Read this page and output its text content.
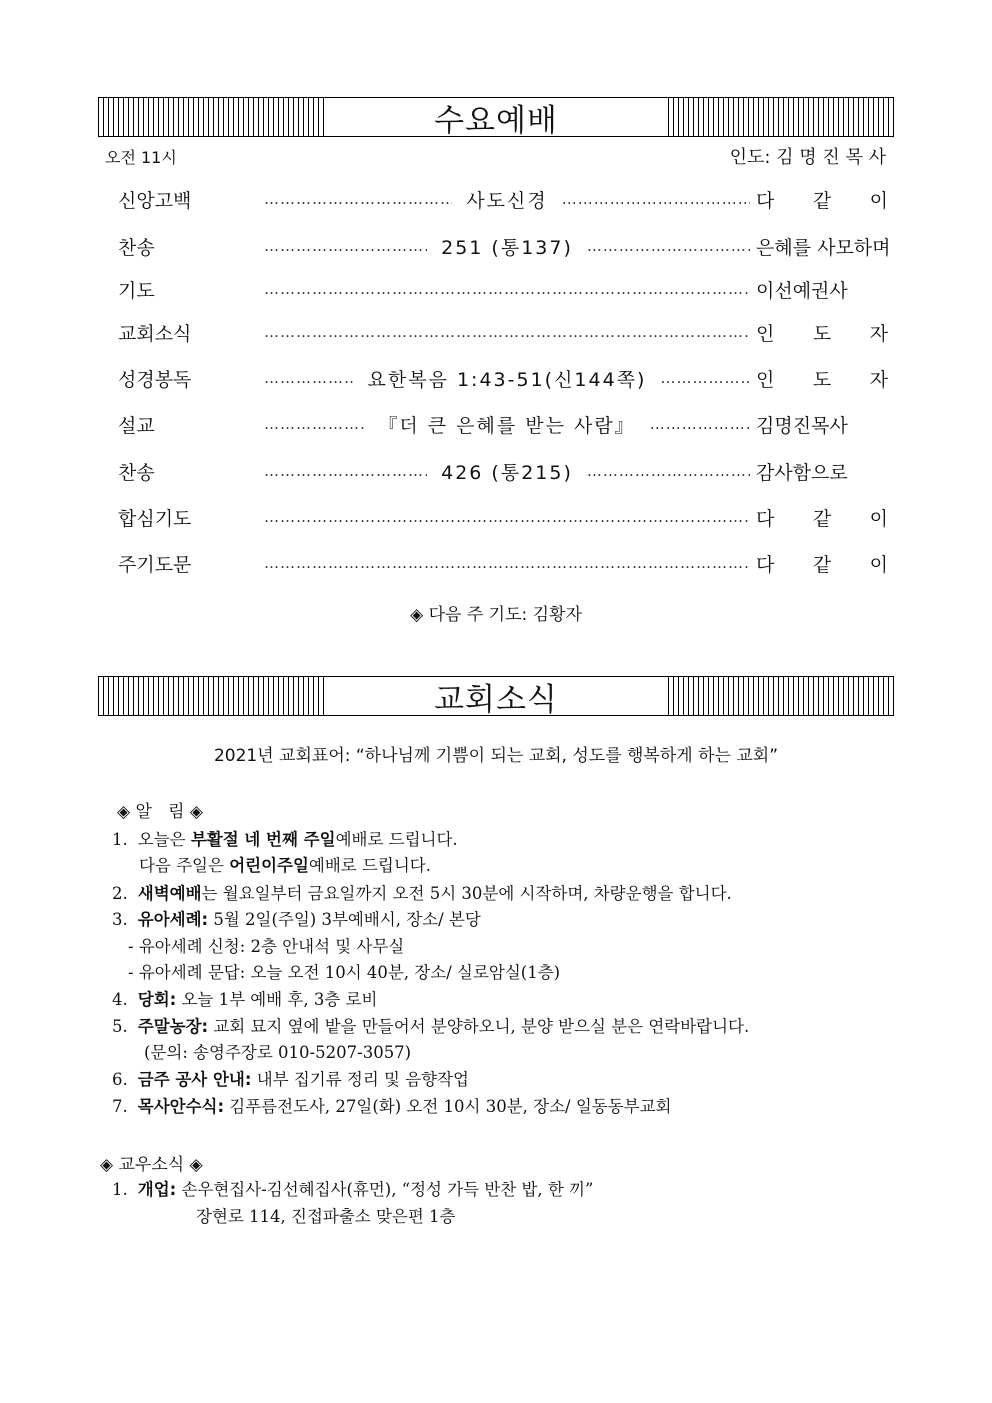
수요예배
오전 11시	인도: 김 명 진 목 사
신앙고백 …………………………………………………………………………………………………………………………………	사도신경 …………………………………………………………………………………………………………………………………	다 같 이
찬송 …………………………………………………………………………………………………………………………………	251 (통137) …………………………………………………………………………………………………………………………………	은혜를 사모하며
기도 …………………………………………………………………………………………………………………………………	이선예권사
교회소식 …………………………………………………………………………………………………………………………………	인 도 자
성경봉독 …………………………………………………………………………………………………………………………………	요한복음 1:43-51(신144쪽) …………………………………………………………………………………………………………………………………	인 도 자
설교 …………………………………………………………………………………………………………………………………	『더 큰 은혜를 받는 사람』 …………………………………………………………………………………………………………………………………	김명진목사
찬송 …………………………………………………………………………………………………………………………………	426 (통215) …………………………………………………………………………………………………………………………………	감사함으로
합심기도 …………………………………………………………………………………………………………………………………	다 같 이
주기도문 …………………………………………………………………………………………………………………………………	다 같 이
◈ 다음 주 기도: 김황자
교회소식
2021년 교회표어: “하나님께 기쁨이 되는 교회, 성도를 행복하게 하는 교회”
◈ 알   림 ◈
1. 오늘은 부활절 네 번째 주일예배로 드립니다.
다음 주일은 어린이주일예배로 드립니다.
2. 새벽예배는 월요일부터 금요일까지 오전 5시 30분에 시작하며, 차량운행을 합니다.
3. 유아세례: 5월 2일(주일) 3부예배시, 장소/ 본당
- 유아세례 신청: 2층 안내석 및 사무실
- 유아세례 문답: 오늘 오전 10시 40분, 장소/ 실로암실(1층)
4. 당회: 오늘 1부 예배 후, 3층 로비
5. 주말농장: 교회 묘지 옆에 밭을 만들어서 분양하오니, 분양 받으실 분은 연락바랍니다.
(문의: 송영주장로 010-5207-3057)
6. 금주 공사 안내: 내부 집기류 정리 및 음향작업
7. 목사안수식: 김푸름전도사, 27일(화) 오전 10시 30분, 장소/ 일동동부교회
◈ 교우소식 ◈
1. 개업: 손우현집사-김선혜집사(휴먼), “정성 가득 반찬 밥, 한 끼”
장현로 114, 진접파출소 맞은편 1층
